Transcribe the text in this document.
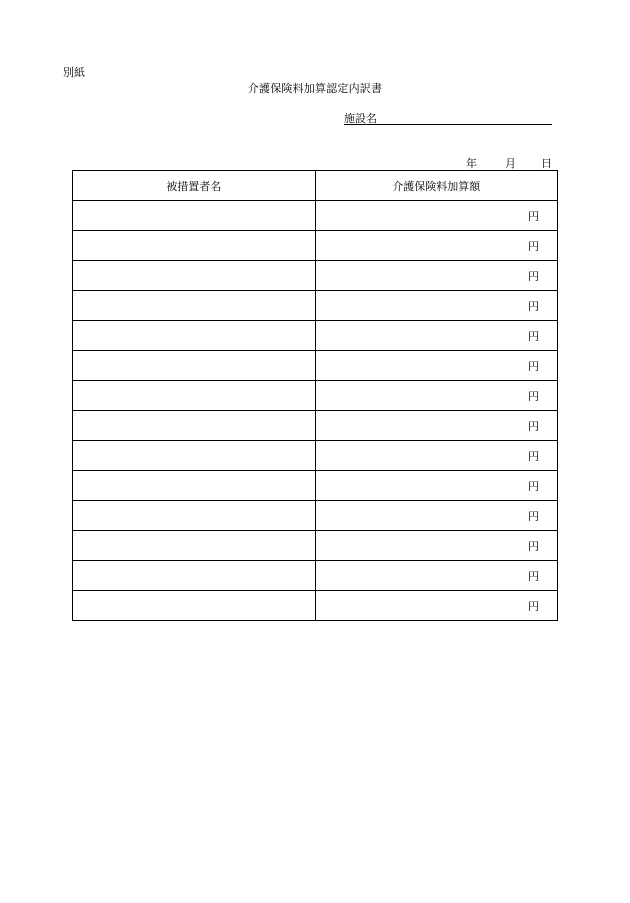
別紙
介護保険料加算認定内訳書
施設名
年	月 日
被措置者名	介護保険料加算額
	円
	円
	円
	円
	円
	円
	円
	円
	円
	円
	円
	円
	円
	円
